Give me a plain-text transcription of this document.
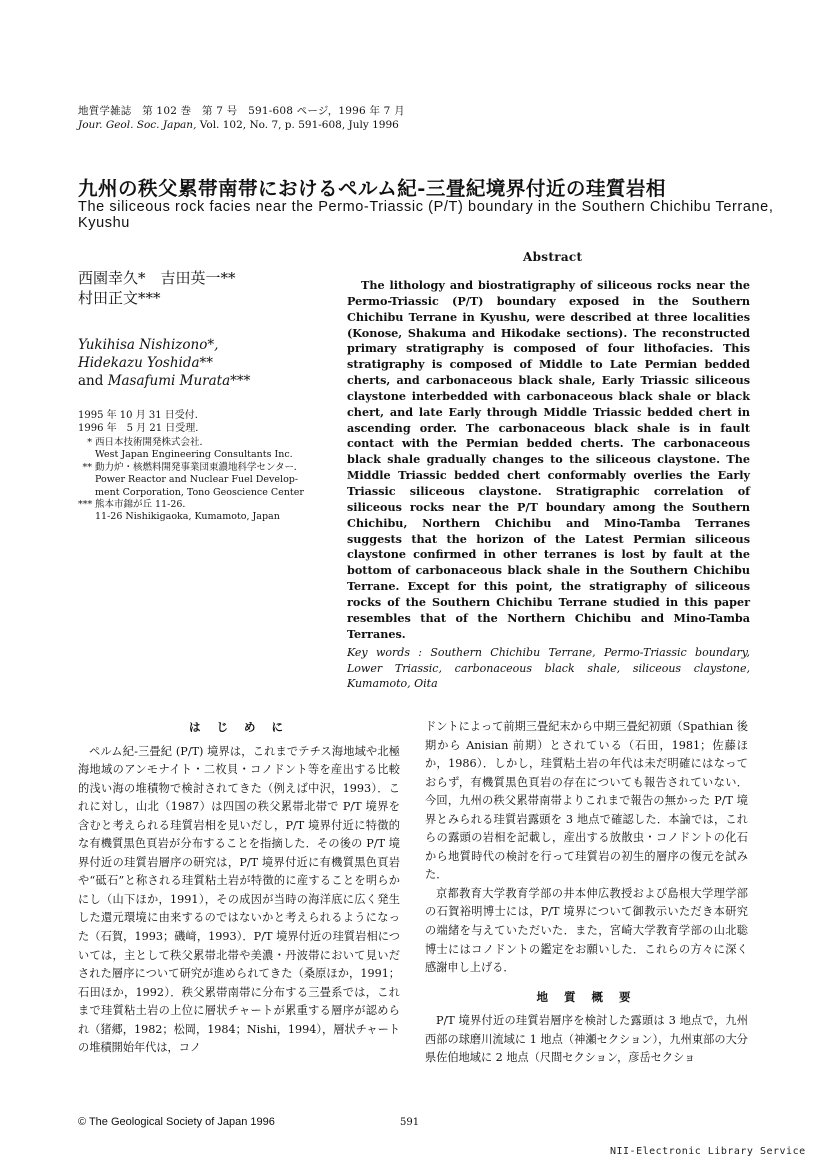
地質学雑誌　第 102 巻　第 7 号　591-608 ページ，1996 年 7 月
Jour. Geol. Soc. Japan, Vol. 102, No. 7, p. 591-608, July 1996
九州の秩父累帯南帯におけるペルム紀-三畳紀境界付近の珪質岩相
The siliceous rock facies near the Permo-Triassic (P/T) boundary in the Southern Chichibu Terrane, Kyushu
西園幸久*　吉田英一**
村田正文***
Yukihisa Nishizono*,
Hidekazu Yoshida**
and Masafumi Murata***
1995 年 10 月 31 日受付．
1996 年　5 月 21 日受理．
* 西日本技術開発株式会社．
West Japan Engineering Consultants Inc.
** 動力炉・核燃料開発事業団東濃地科学センター．
Power Reactor and Nuclear Fuel Develop-
ment Corporation, Tono Geoscience Center
*** 熊本市錦が丘 11-26．
11-26 Nishikigaoka, Kumamoto, Japan
Abstract
The lithology and biostratigraphy of siliceous rocks near the Permo-Triassic (P/T) boundary exposed in the Southern Chichibu Terrane in Kyushu, were described at three localities (Konose, Shakuma and Hikodake sections). The reconstructed primary stratigraphy is composed of four lithofacies. This stratigraphy is composed of Middle to Late Permian bedded cherts, and carbonaceous black shale, Early Triassic siliceous claystone interbedded with carbonaceous black shale or black chert, and late Early through Middle Triassic bedded chert in ascending order. The carbonaceous black shale is in fault contact with the Permian bedded cherts. The carbonaceous black shale gradually changes to the siliceous claystone. The Middle Triassic bedded chert conformably overlies the Early Triassic siliceous claystone. Stratigraphic correlation of siliceous rocks near the P/T boundary among the Southern Chichibu, Northern Chichibu and Mino-Tamba Terranes suggests that the horizon of the Latest Permian siliceous claystone confirmed in other terranes is lost by fault at the bottom of carbonaceous black shale in the Southern Chichibu Terrane. Except for this point, the stratigraphy of siliceous rocks of the Southern Chichibu Terrane studied in this paper resembles that of the Northern Chichibu and Mino-Tamba Terranes.
Key words : Southern Chichibu Terrane, Permo-Triassic boundary, Lower Triassic, carbonaceous black shale, siliceous claystone, Kumamoto, Oita
は じ め に

ペルム紀-三畳紀 (P/T) 境界は，これまでテチス海地域や北極海地域のアンモナイト・二枚貝・コノドント等を産出する比較的浅い海の堆積物で検討されてきた（例えば中沢，1993）．これに対し，山北（1987）は四国の秩父累帯北帯で P/T 境界を含むと考えられる珪質岩相を見いだし，P/T 境界付近に特徴的な有機質黒色頁岩が分布することを指摘した．その後の P/T 境界付近の珪質岩層序の研究は，P/T 境界付近に有機質黒色頁岩や“砥石”と称される珪質粘土岩が特徴的に産することを明らかにし（山下ほか，1991），その成因が当時の海洋底に広く発生した還元環境に由来するのではないかと考えられるようになった（石賀，1993；磯﨑，1993）．P/T 境界付近の珪質岩相については，主として秩父累帯北帯や美濃・丹波帯において見いだされた層序について研究が進められてきた（桑原ほか，1991；石田ほか，1992）．秩父累帯南帯に分布する三畳系では，これまで珪質粘土岩の上位に層状チャートが累重する層序が認められ（猪郷，1982；松岡，1984；Nishi，1994），層状チャートの堆積開始年代は，コノ

ドントによって前期三畳紀末から中期三畳紀初頭（Spathian 後期から Anisian 前期）とされている（石田，1981；佐藤ほか，1986）．しかし，珪質粘土岩の年代は未だ明確にはなっておらず，有機質黒色頁岩の存在についても報告されていない．今回，九州の秩父累帯南帯よりこれまで報告の無かった P/T 境界とみられる珪質岩露頭を 3 地点で確認した．本論では，これらの露頭の岩相を記載し，産出する放散虫・コノドントの化石から地質時代の検討を行って珪質岩の初生的層序の復元を試みた．

京都教育大学教育学部の井本伸広教授および島根大学理学部の石賀裕明博士には，P/T 境界について御教示いただき本研究の端緒を与えていただいた．また，宮崎大学教育学部の山北聡博士にはコノドントの鑑定をお願いした．これらの方々に深く感謝申し上げる．

地 質 概 要

P/T 境界付近の珪質岩層序を検討した露頭は 3 地点で，九州西部の球磨川流域に 1 地点（神瀬セクション），九州東部の大分県佐伯地域に 2 地点（尺間セクション，彦岳セクショ

© The Geological Society of Japan 1996	591
NII-Electronic Library Service
